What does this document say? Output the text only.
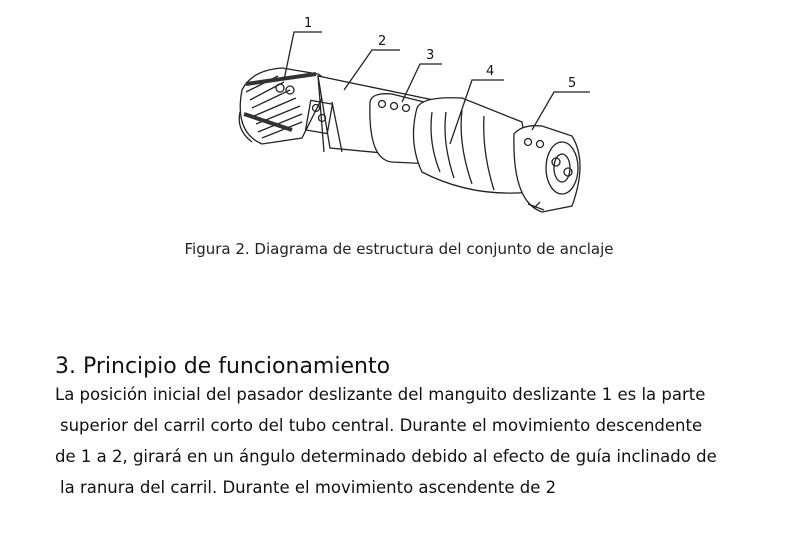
1
2
3
4
5
Figura 2. Diagrama de estructura del conjunto de anclaje
3. Principio de funcionamiento
La posición inicial del pasador deslizante del manguito deslizante 1 es la parte
superior del carril corto del tubo central. Durante el movimiento descendente
de 1 a 2, girará en un ángulo determinado debido al efecto de guía inclinado de
la ranura del carril. Durante el movimiento ascendente de 2
